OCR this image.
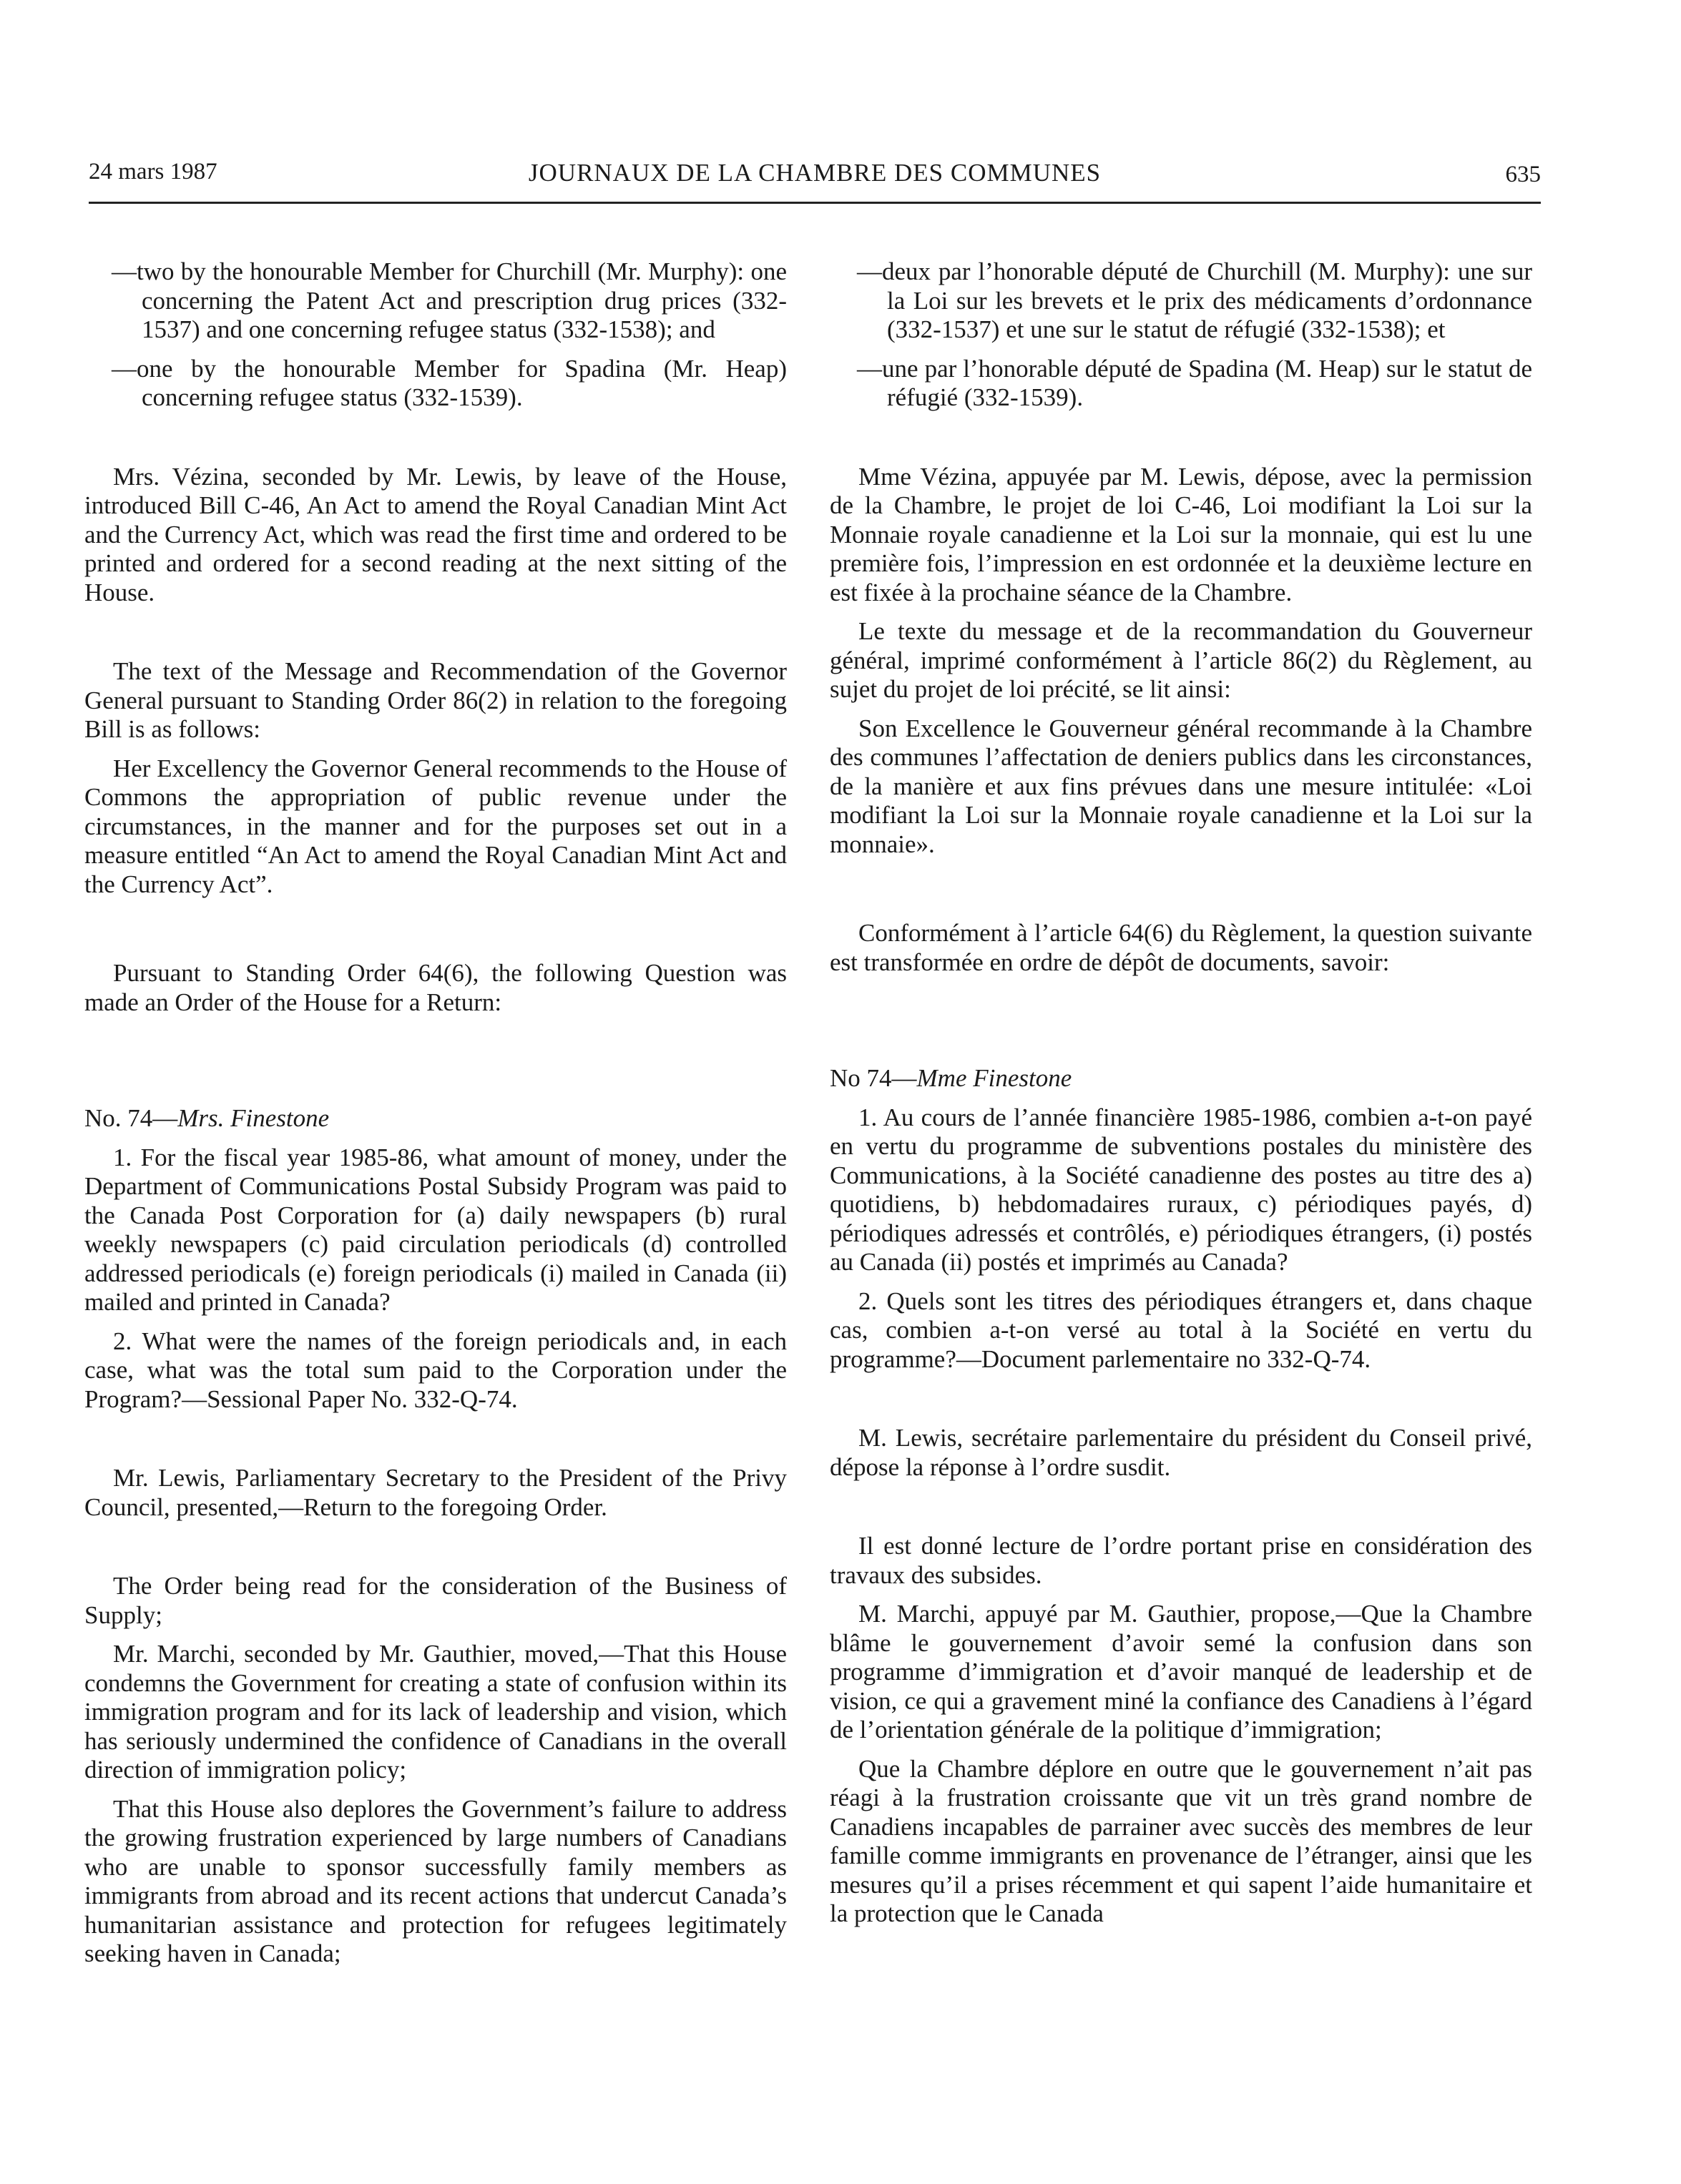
24 mars 1987	JOURNAUX DE LA CHAMBRE DES COMMUNES	635

—two by the honourable Member for Churchill (Mr. Murphy): one concerning the Patent Act and prescription drug prices (332-1537) and one concerning refugee status (332-1538); and

—one by the honourable Member for Spadina (Mr. Heap) concerning refugee status (332-1539).

Mrs. Vézina, seconded by Mr. Lewis, by leave of the House, introduced Bill C-46, An Act to amend the Royal Canadian Mint Act and the Currency Act, which was read the first time and ordered to be printed and ordered for a second reading at the next sitting of the House.

The text of the Message and Recommendation of the Governor General pursuant to Standing Order 86(2) in relation to the foregoing Bill is as follows:

Her Excellency the Governor General recommends to the House of Commons the appropriation of public revenue under the circumstances, in the manner and for the purposes set out in a measure entitled “An Act to amend the Royal Canadian Mint Act and the Currency Act”.

Pursuant to Standing Order 64(6), the following Question was made an Order of the House for a Return:

No. 74—Mrs. Finestone

1. For the fiscal year 1985-86, what amount of money, under the Department of Communications Postal Subsidy Program was paid to the Canada Post Corporation for (a) daily newspapers (b) rural weekly newspapers (c) paid circulation periodicals (d) controlled addressed periodicals (e) foreign periodicals (i) mailed in Canada (ii) mailed and printed in Canada?

2. What were the names of the foreign periodicals and, in each case, what was the total sum paid to the Corporation under the Program?—Sessional Paper No. 332-Q-74.

Mr. Lewis, Parliamentary Secretary to the President of the Privy Council, presented,—Return to the foregoing Order.

The Order being read for the consideration of the Business of Supply;

Mr. Marchi, seconded by Mr. Gauthier, moved,—That this House condemns the Government for creating a state of confusion within its immigration program and for its lack of leadership and vision, which has seriously undermined the confidence of Canadians in the overall direction of immigration policy;

That this House also deplores the Government’s failure to address the growing frustration experienced by large numbers of Canadians who are unable to sponsor successfully family members as immigrants from abroad and its recent actions that undercut Canada’s humanitarian assistance and protection for refugees legitimately seeking haven in Canada;

—deux par l’honorable député de Churchill (M. Murphy): une sur la Loi sur les brevets et le prix des médicaments d’ordonnance (332-1537) et une sur le statut de réfugié (332-1538); et

—une par l’honorable député de Spadina (M. Heap) sur le statut de réfugié (332-1539).

Mme Vézina, appuyée par M. Lewis, dépose, avec la permission de la Chambre, le projet de loi C-46, Loi modifiant la Loi sur la Monnaie royale canadienne et la Loi sur la monnaie, qui est lu une première fois, l’impression en est ordonnée et la deuxième lecture en est fixée à la prochaine séance de la Chambre.

Le texte du message et de la recommandation du Gouverneur général, imprimé conformément à l’article 86(2) du Règlement, au sujet du projet de loi précité, se lit ainsi:

Son Excellence le Gouverneur général recommande à la Chambre des communes l’affectation de deniers publics dans les circonstances, de la manière et aux fins prévues dans une mesure intitulée: «Loi modifiant la Loi sur la Monnaie royale canadienne et la Loi sur la monnaie».

Conformément à l’article 64(6) du Règlement, la question suivante est transformée en ordre de dépôt de documents, savoir:

No 74—Mme Finestone

1. Au cours de l’année financière 1985-1986, combien a-t-on payé en vertu du programme de subventions postales du ministère des Communications, à la Société canadienne des postes au titre des a) quotidiens, b) hebdomadaires ruraux, c) périodiques payés, d) périodiques adressés et contrôlés, e) périodiques étrangers, (i) postés au Canada (ii) postés et imprimés au Canada?

2. Quels sont les titres des périodiques étrangers et, dans chaque cas, combien a-t-on versé au total à la Société en vertu du programme?—Document parlementaire no 332-Q-74.

M. Lewis, secrétaire parlementaire du président du Conseil privé, dépose la réponse à l’ordre susdit.

Il est donné lecture de l’ordre portant prise en considération des travaux des subsides.

M. Marchi, appuyé par M. Gauthier, propose,—Que la Chambre blâme le gouvernement d’avoir semé la confusion dans son programme d’immigration et d’avoir manqué de leadership et de vision, ce qui a gravement miné la confiance des Canadiens à l’égard de l’orientation générale de la politique d’immigration;

Que la Chambre déplore en outre que le gouvernement n’ait pas réagi à la frustration croissante que vit un très grand nombre de Canadiens incapables de parrainer avec succès des membres de leur famille comme immigrants en provenance de l’étranger, ainsi que les mesures qu’il a prises récemment et qui sapent l’aide humanitaire et la protection que le Canada
